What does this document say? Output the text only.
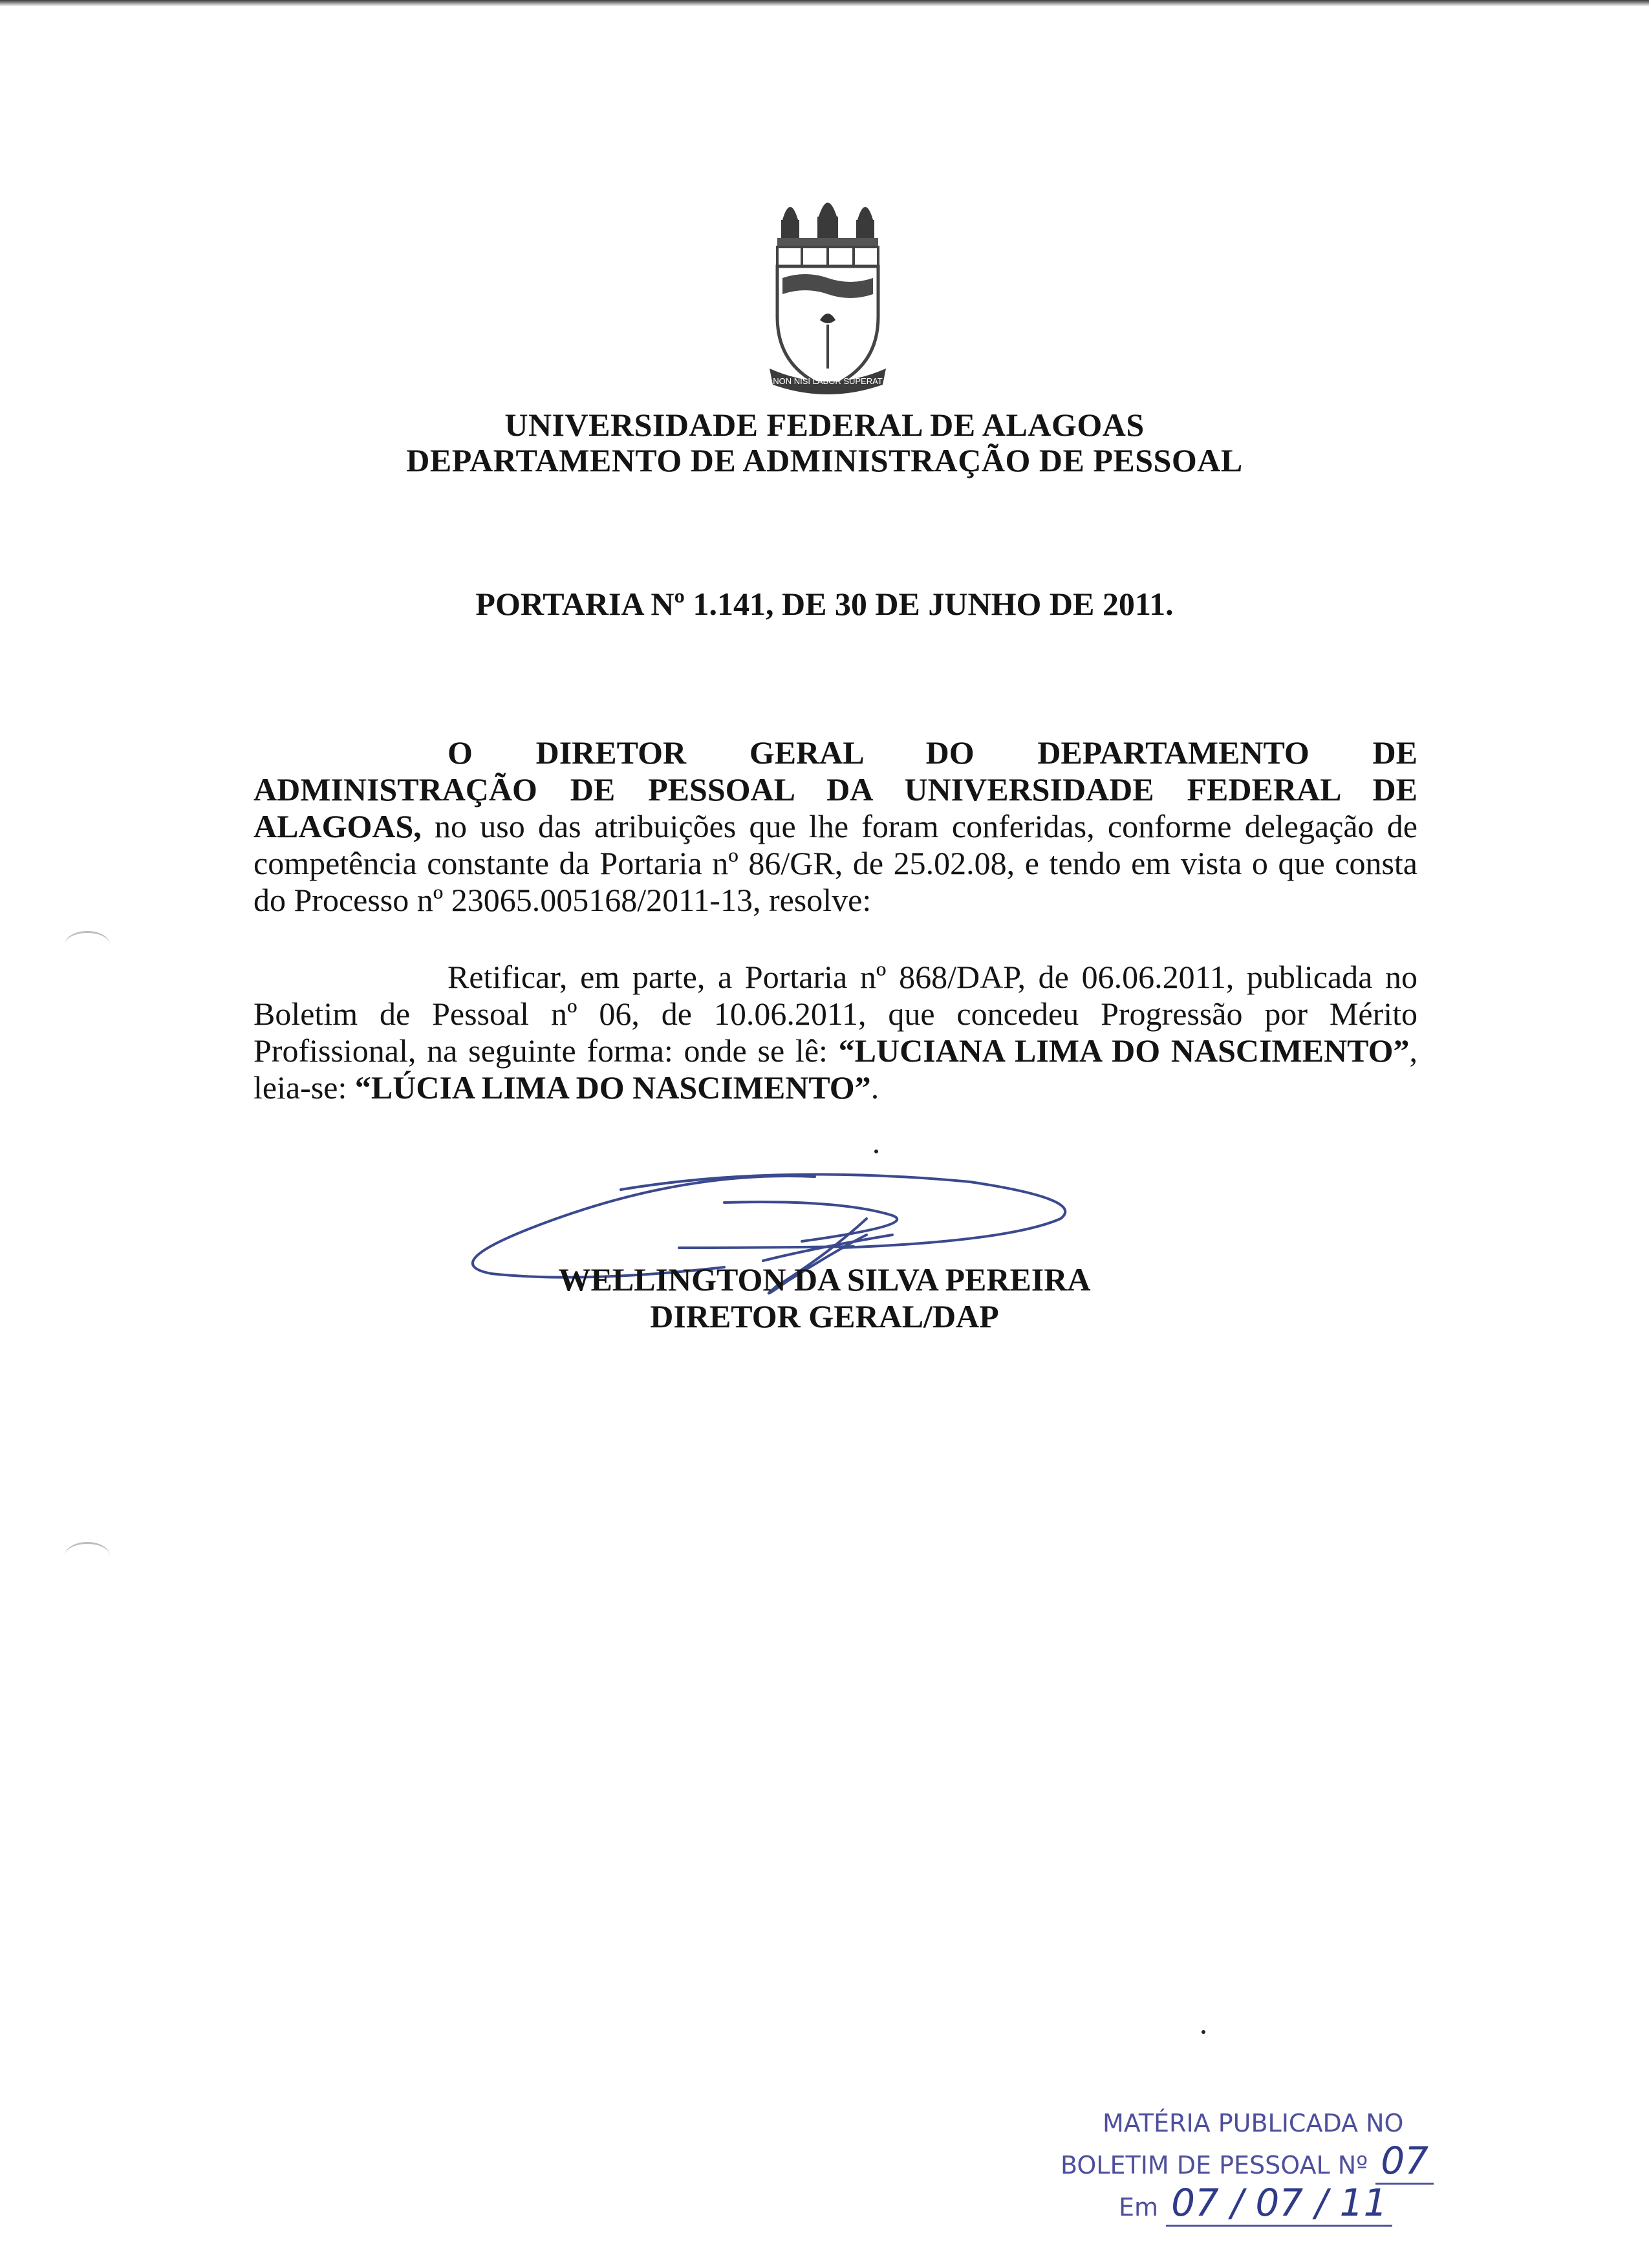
NON NISI LABOR SUPERAT
UNIVERSIDADE FEDERAL DE ALAGOAS
DEPARTAMENTO DE ADMINISTRAÇÃO DE PESSOAL
PORTARIA Nº 1.141, DE 30 DE JUNHO DE 2011.
O DIRETOR GERAL DO DEPARTAMENTO DE ADMINISTRAÇÃO DE PESSOAL DA UNIVERSIDADE FEDERAL DE ALAGOAS, no uso das atribuições que lhe foram conferidas, conforme delegação de competência constante da Portaria nº 86/GR, de 25.02.08, e tendo em vista o que consta do Processo nº 23065.005168/2011-13, resolve:
Retificar, em parte, a Portaria nº 868/DAP, de 06.06.2011, publicada no Boletim de Pessoal nº 06, de 10.06.2011, que concedeu Progressão por Mérito Profissional, na seguinte forma: onde se lê: “LUCIANA LIMA DO NASCIMENTO”, leia-se: “LÚCIA LIMA DO NASCIMENTO”.
WELLINGTON DA SILVA PEREIRA
DIRETOR GERAL/DAP
MATÉRIA PUBLICADA NO
BOLETIM DE PESSOAL Nº 07
Em 07 / 07 / 11
